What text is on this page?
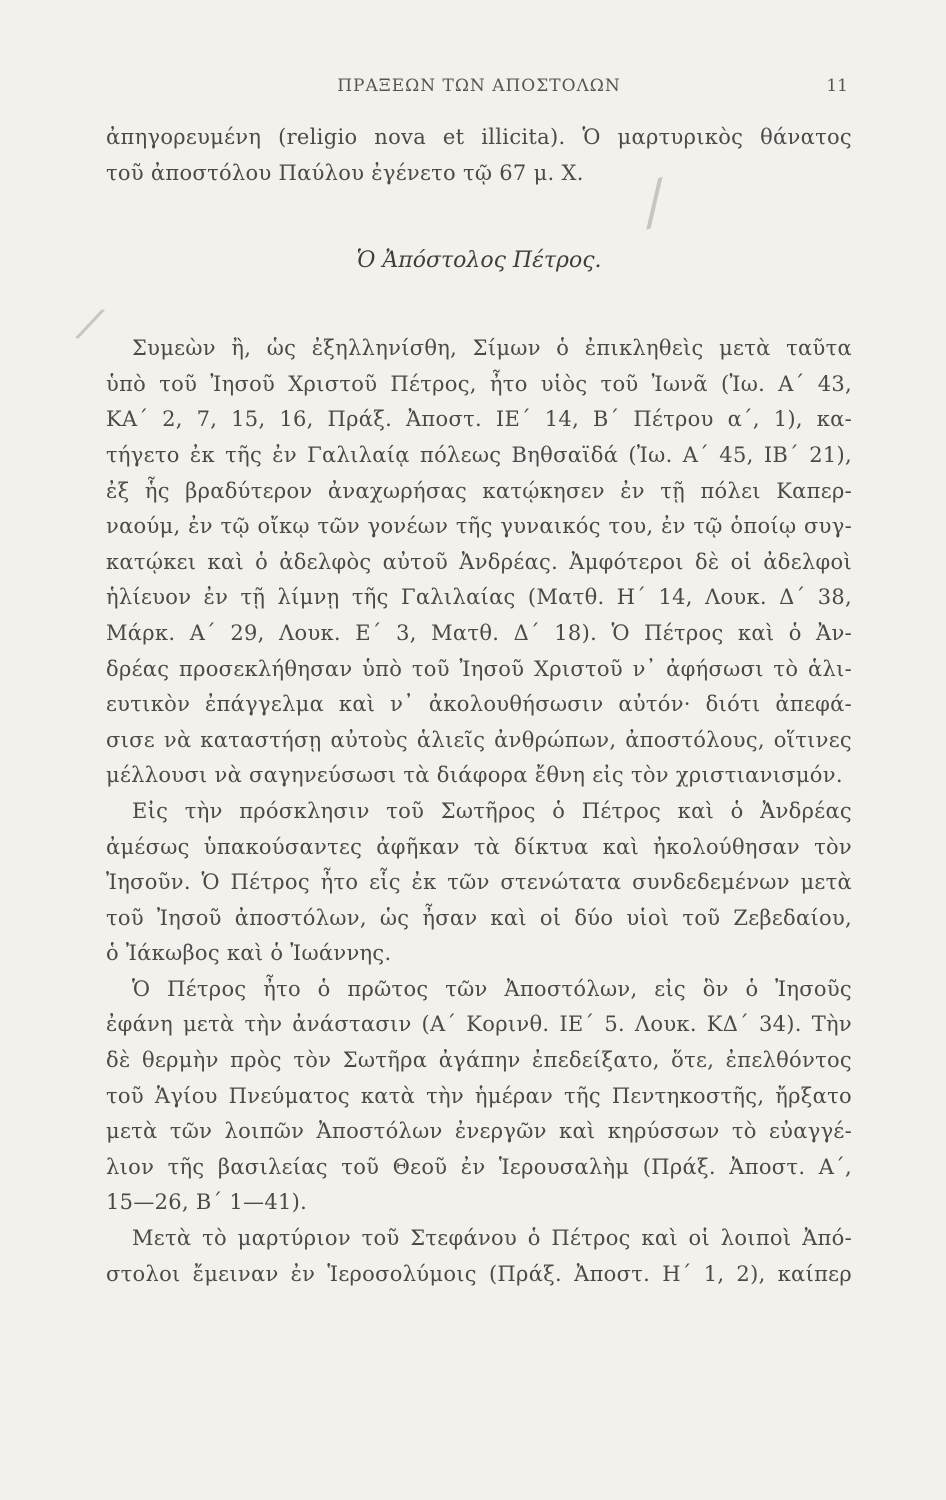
⁄
⁄
ΠΡΑΞΕΩΝ ΤΩΝ ΑΠΟΣΤΟΛΩΝ	11
ἀπηγορευμένη (religio nova et illicita). Ὁ μαρτυρικὸς θάνατος
τοῦ ἀποστόλου Παύλου ἐγένετο τῷ 67 μ. Χ.
Ὁ Ἀπόστολος Πέτρος.
Συμεὼν ἢ, ὡς ἐξηλληνίσθη, Σίμων ὁ ἐπικληθεὶς μετὰ ταῦτα
ὑπὸ τοῦ Ἰησοῦ Χριστοῦ Πέτρος, ἦτο υἱὸς τοῦ Ἰωνᾶ (Ἰω. Α΄ 43,
ΚΑ΄ 2, 7, 15, 16, Πράξ. Ἀποστ. ΙΕ΄ 14, Β΄ Πέτρου α΄, 1), κα-
τήγετο ἐκ τῆς ἐν Γαλιλαίᾳ πόλεως Βηθσαϊδά (Ἰω. Α΄ 45, ΙΒ΄ 21),
ἐξ ἧς βραδύτερον ἀναχωρήσας κατῴκησεν ἐν τῇ πόλει Καπερ-
ναούμ, ἐν τῷ οἴκῳ τῶν γονέων τῆς γυναικός του, ἐν τῷ ὁποίῳ συγ-
κατῴκει καὶ ὁ ἀδελφὸς αὐτοῦ Ἀνδρέας. Ἀμφότεροι δὲ οἱ ἀδελφοὶ
ἡλίευον ἐν τῇ λίμνῃ τῆς Γαλιλαίας (Ματθ. Η΄ 14, Λουκ. Δ΄ 38,
Μάρκ. Α΄ 29, Λουκ. Ε΄ 3, Ματθ. Δ΄ 18). Ὁ Πέτρος καὶ ὁ Ἀν-
δρέας προσεκλήθησαν ὑπὸ τοῦ Ἰησοῦ Χριστοῦ ν᾽ ἀφήσωσι τὸ ἁλι-
ευτικὸν ἐπάγγελμα καὶ ν᾽ ἀκολουθήσωσιν αὐτόν· διότι ἀπεφά-
σισε νὰ καταστήσῃ αὐτοὺς ἁλιεῖς ἀνθρώπων, ἀποστόλους, οἵτινες
μέλλουσι νὰ σαγηνεύσωσι τὰ διάφορα ἔθνη εἰς τὸν χριστιανισμόν.
Εἰς τὴν πρόσκλησιν τοῦ Σωτῆρος ὁ Πέτρος καὶ ὁ Ἀνδρέας
ἀμέσως ὑπακούσαντες ἀφῆκαν τὰ δίκτυα καὶ ἠκολούθησαν τὸν
Ἰησοῦν. Ὁ Πέτρος ἦτο εἷς ἐκ τῶν στενώτατα συνδεδεμένων μετὰ
τοῦ Ἰησοῦ ἀποστόλων, ὡς ἦσαν καὶ οἱ δύο υἱοὶ τοῦ Ζεβεδαίου,
ὁ Ἰάκωβος καὶ ὁ Ἰωάννης.
Ὁ Πέτρος ἦτο ὁ πρῶτος τῶν Ἀποστόλων, εἰς ὃν ὁ Ἰησοῦς
ἐφάνη μετὰ τὴν ἀνάστασιν (Α΄ Κορινθ. ΙΕ΄ 5. Λουκ. ΚΔ΄ 34). Τὴν
δὲ θερμὴν πρὸς τὸν Σωτῆρα ἀγάπην ἐπεδείξατο, ὅτε, ἐπελθόντος
τοῦ Ἁγίου Πνεύματος κατὰ τὴν ἡμέραν τῆς Πεντηκοστῆς, ἤρξατο
μετὰ τῶν λοιπῶν Ἀποστόλων ἐνεργῶν καὶ κηρύσσων τὸ εὐαγγέ-
λιον τῆς βασιλείας τοῦ Θεοῦ ἐν Ἱερουσαλὴμ (Πράξ. Ἀποστ. Α΄,
15—26, Β΄ 1—41).
Μετὰ τὸ μαρτύριον τοῦ Στεφάνου ὁ Πέτρος καὶ οἱ λοιποὶ Ἀπό-
στολοι ἔμειναν ἐν Ἱεροσολύμοις (Πράξ. Ἀποστ. Η΄ 1, 2), καίπερ
